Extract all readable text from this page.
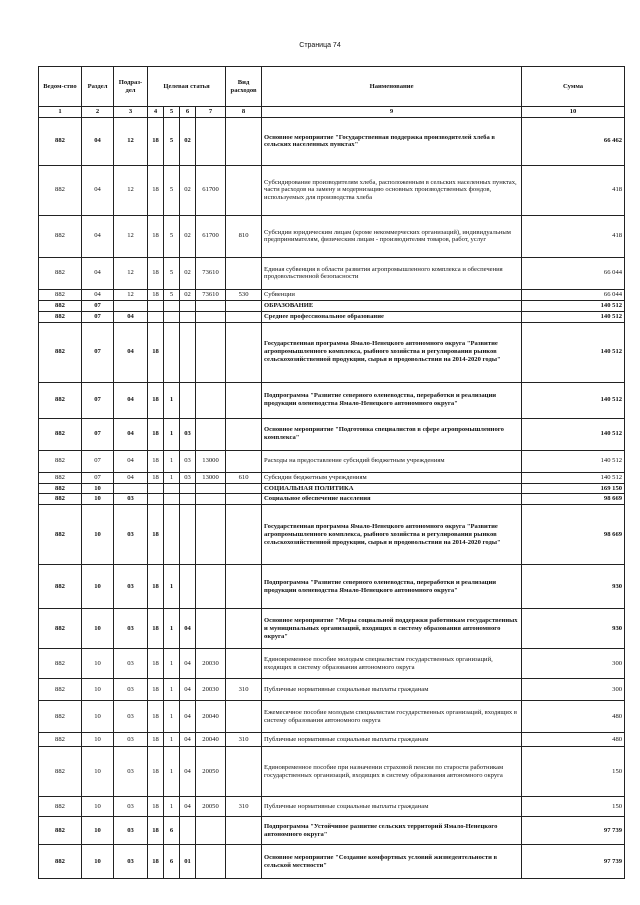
Страница 74
Ведом-ство	Раздел	Подраз-дел	Целевая статья				Вид расходов	Наименование	Сумма
1	2	3	4	5	6	7	8	9	10
882	04	12	18	5	02			Основное мероприятие "Государственная поддержка производителей хлеба в сельских населенных пунктах"	66 462
882	04	12	18	5	02	61700		Субсидирование производителям хлеба, расположенным в сельских населенных пунктах, части расходов на замену и модернизацию основных производственных фондов, используемых для производства хлеба	418
882	04	12	18	5	02	61700	810	Субсидии юридическим лицам (кроме некоммерческих организаций), индивидуальным предпринимателям, физическим лицам - производителям товаров, работ, услуг	418
882	04	12	18	5	02	73610		Единая субвенция в области развития агропромышленного комплекса и обеспечения продовольственной безопасности	66 044
882	04	12	18	5	02	73610	530	Субвенции	66 044
882	07							ОБРАЗОВАНИЕ	140 512
882	07	04						Среднее профессиональное образование	140 512
882	07	04	18					Государственная программа Ямало-Ненецкого автономного округа "Развитие агропромышленного комплекса, рыбного хозяйства и регулирования рынков сельскохозяйственной продукции, сырья и продовольствия на 2014-2020 годы"	140 512
882	07	04	18	1				Подпрограмма "Развитие северного оленеводства, переработки и реализации продукции оленеводства Ямало-Ненецкого автономного округа"	140 512
882	07	04	18	1	03			Основное мероприятие "Подготовка специалистов в сфере агропромышленного комплекса"	140 512
882	07	04	18	1	03	13000		Расходы на предоставление субсидий бюджетным учреждениям	140 512
882	07	04	18	1	03	13000	610	Субсидии бюджетным учреждениям	140 512
882	10							СОЦИАЛЬНАЯ ПОЛИТИКА	169 150
882	10	03						Социальное обеспечение населения	98 669
882	10	03	18					Государственная программа Ямало-Ненецкого автономного округа "Развитие агропромышленного комплекса, рыбного хозяйства и регулирования рынков сельскохозяйственной продукции, сырья и продовольствия на 2014-2020 годы"	98 669
882	10	03	18	1				Подпрограмма "Развитие северного оленеводства, переработки и реализации продукции оленеводства Ямало-Ненецкого автономного округа"	930
882	10	03	18	1	04			Основное мероприятие "Меры социальной поддержки работникам государственных и муниципальных организаций, входящих в систему образования автономного округа"	930
882	10	03	18	1	04	20030		Единовременное пособие молодым специалистам государственных организаций, входящих в систему образования автономного округа	300
882	10	03	18	1	04	20030	310	Публичные нормативные социальные выплаты гражданам	300
882	10	03	18	1	04	20040		Ежемесячное пособие молодым специалистам государственных организаций, входящих в систему образования автономного округа	480
882	10	03	18	1	04	20040	310	Публичные нормативные социальные выплаты гражданам	480
882	10	03	18	1	04	20050		Единовременное пособие при назначении страховой пенсии по старости работникам государственных организаций, входящих в систему образования автономного округа	150
882	10	03	18	1	04	20050	310	Публичные нормативные социальные выплаты гражданам	150
882	10	03	18	6				Подпрограмма "Устойчивое развитие сельских территорий Ямало-Ненецкого автономного округа"	97 739
882	10	03	18	6	01			Основное мероприятие "Создание комфортных условий жизнедеятельности в сельской местности"	97 739
